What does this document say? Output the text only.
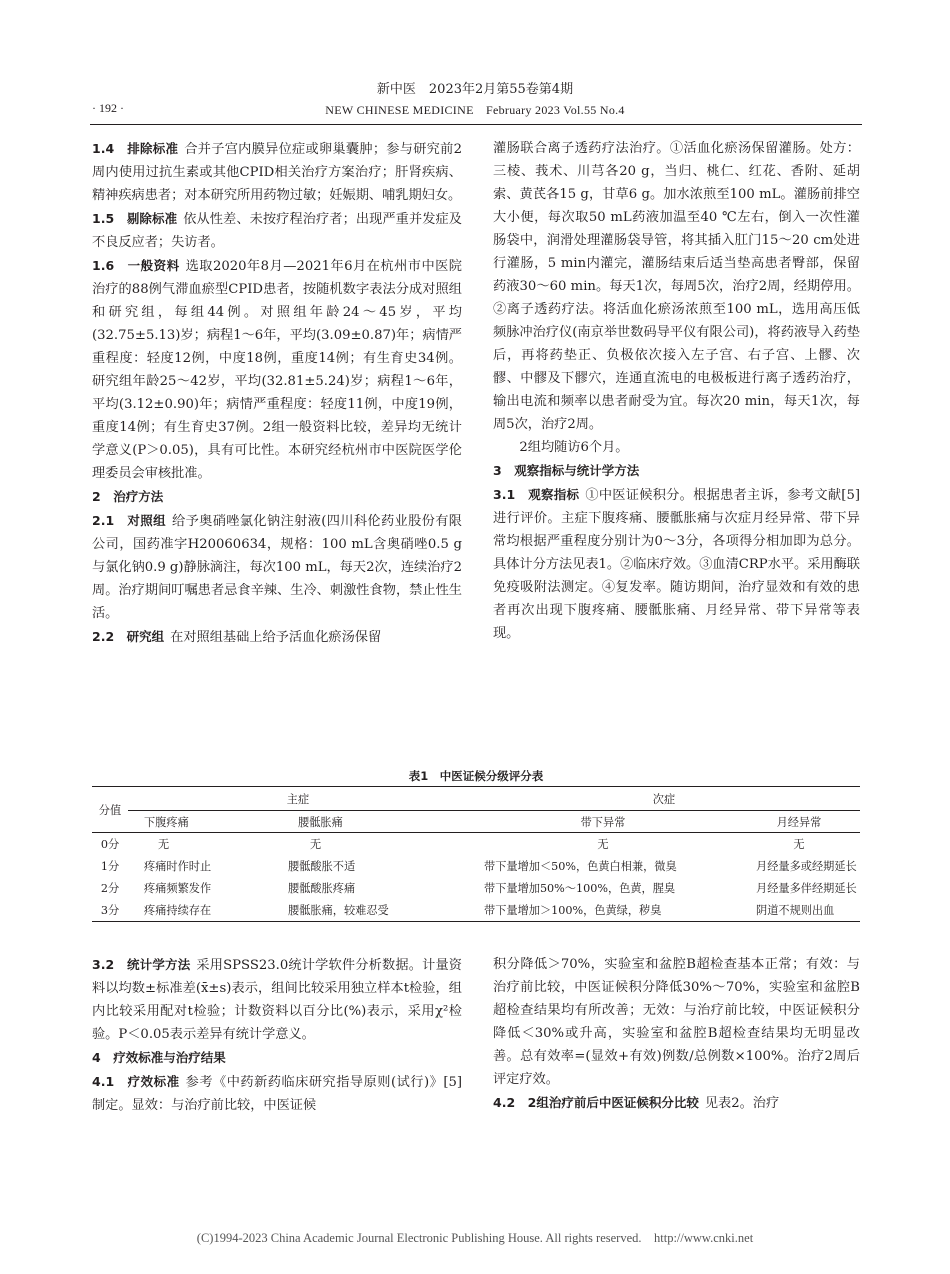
新中医　2023年2月第55卷第4期
· 192 ·	NEW CHINESE MEDICINE　February 2023 Vol.55 No.4

1.4　排除标准 合并子宫内膜异位症或卵巢囊肿；参与研究前2周内使用过抗生素或其他CPID相关治疗方案治疗；肝肾疾病、精神疾病患者；对本研究所用药物过敏；妊娠期、哺乳期妇女。

1.5　剔除标准 依从性差、未按疗程治疗者；出现严重并发症及不良反应者；失访者。

1.6　一般资料 选取2020年8月—2021年6月在杭州市中医院治疗的88例气滞血瘀型CPID患者，按随机数字表法分成对照组和研究组，每组44例。对照组年龄24～45岁，平均(32.75±5.13)岁；病程1～6年，平均(3.09±0.87)年；病情严重程度：轻度12例，中度18例，重度14例；有生育史34例。研究组年龄25～42岁，平均(32.81±5.24)岁；病程1～6年，平均(3.12±0.90)年；病情严重程度：轻度11例，中度19例，重度14例；有生育史37例。2组一般资料比较，差异均无统计学意义(P＞0.05)，具有可比性。本研究经杭州市中医院医学伦理委员会审核批准。

2　治疗方法

2.1　对照组 给予奥硝唑氯化钠注射液(四川科伦药业股份有限公司，国药准字H20060634，规格：100 mL含奥硝唑0.5 g与氯化钠0.9 g)静脉滴注，每次100 mL，每天2次，连续治疗2周。治疗期间叮嘱患者忌食辛辣、生冷、刺激性食物，禁止性生活。

2.2　研究组 在对照组基础上给予活血化瘀汤保留

灌肠联合离子透药疗法治疗。①活血化瘀汤保留灌肠。处方：三棱、莪术、川芎各20 g，当归、桃仁、红花、香附、延胡索、黄芪各15 g，甘草6 g。加水浓煎至100 mL。灌肠前排空大小便，每次取50 mL药液加温至40 ℃左右，倒入一次性灌肠袋中，润滑处理灌肠袋导管，将其插入肛门15～20 cm处进行灌肠，5 min内灌完，灌肠结束后适当垫高患者臀部，保留药液30～60 min。每天1次，每周5次，治疗2周，经期停用。②离子透药疗法。将活血化瘀汤浓煎至100 mL，选用高压低频脉冲治疗仪(南京举世数码导平仪有限公司)，将药液导入药垫后，再将药垫正、负极依次接入左子宫、右子宫、上髎、次髎、中髎及下髎穴，连通直流电的电极板进行离子透药治疗，输出电流和频率以患者耐受为宜。每次20 min，每天1次，每周5次，治疗2周。

2组均随访6个月。

3　观察指标与统计学方法

3.1　观察指标 ①中医证候积分。根据患者主诉，参考文献[5]进行评价。主症下腹疼痛、腰骶胀痛与次症月经异常、带下异常均根据严重程度分别计为0～3分，各项得分相加即为总分。具体计分方法见表1。②临床疗效。③血清CRP水平。采用酶联免疫吸附法测定。④复发率。随访期间，治疗显效和有效的患者再次出现下腹疼痛、腰骶胀痛、月经异常、带下异常等表现。

表1　中医证候分级评分表
分值	主症		次症	
	下腹疼痛	腰骶胀痛	带下异常	月经异常
0分	无	无	无	无
1分	疼痛时作时止	腰骶酸胀不适	带下量增加＜50%，色黄白相兼，微臭	月经量多或经期延长
2分	疼痛频繁发作	腰骶酸胀疼痛	带下量增加50%～100%，色黄，腥臭	月经量多伴经期延长
3分	疼痛持续存在	腰骶胀痛，较难忍受	带下量增加＞100%，色黄绿，秽臭	阴道不规则出血

3.2　统计学方法 采用SPSS23.0统计学软件分析数据。计量资料以均数±标准差(x̄±s)表示，组间比较采用独立样本t检验，组内比较采用配对t检验；计数资料以百分比(%)表示，采用χ²检验。P＜0.05表示差异有统计学意义。

4　疗效标准与治疗结果

4.1　疗效标准 参考《中药新药临床研究指导原则(试行)》[5]制定。显效：与治疗前比较，中医证候

积分降低＞70%，实验室和盆腔B超检查基本正常；有效：与治疗前比较，中医证候积分降低30%～70%，实验室和盆腔B超检查结果均有所改善；无效：与治疗前比较，中医证候积分降低＜30%或升高，实验室和盆腔B超检查结果均无明显改善。总有效率=(显效+有效)例数/总例数×100%。治疗2周后评定疗效。

4.2　2组治疗前后中医证候积分比较 见表2。治疗

(C)1994-2023 China Academic Journal Electronic Publishing House. All rights reserved.　http://www.cnki.net
